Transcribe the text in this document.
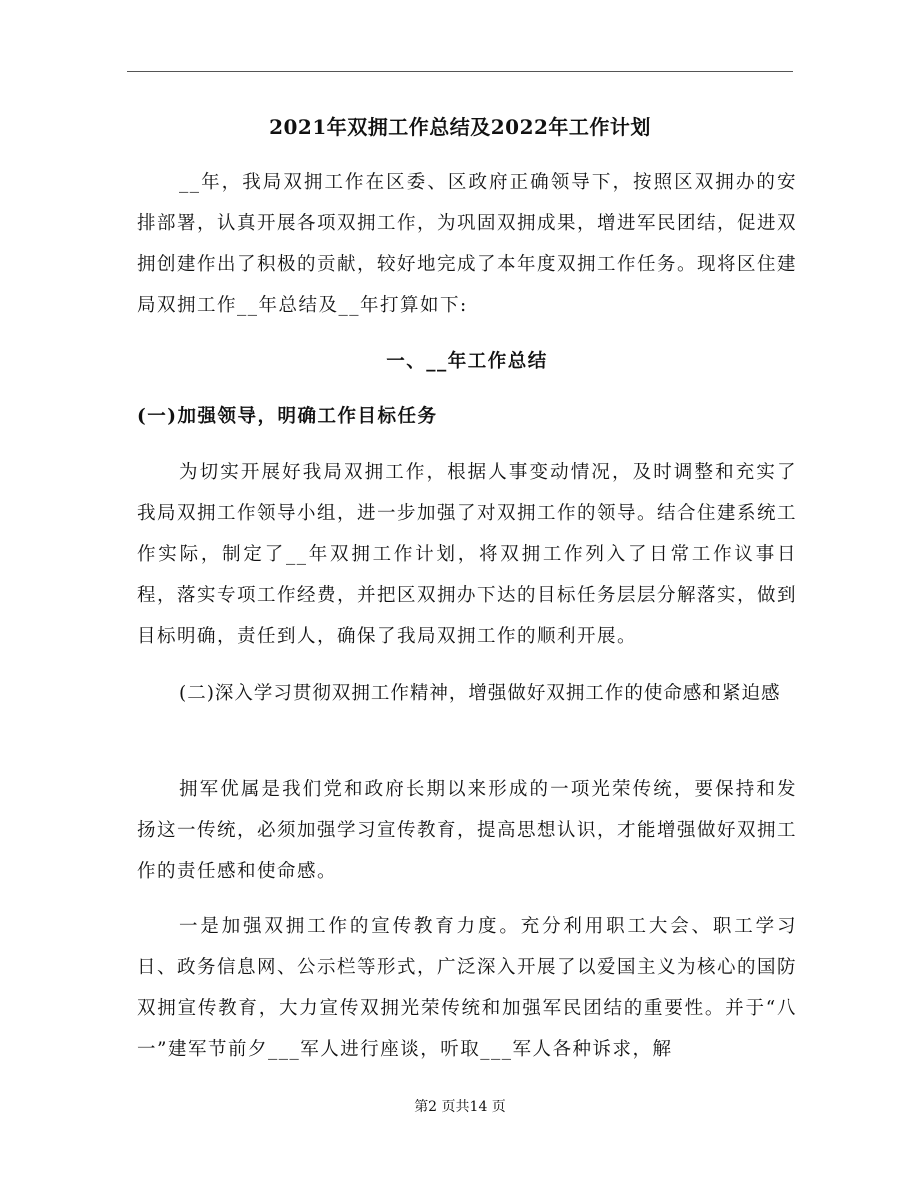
2021年双拥工作总结及2022年工作计划
__年，我局双拥工作在区委、区政府正确领导下，按照区双拥办的安排部署，认真开展各项双拥工作，为巩固双拥成果，增进军民团结，促进双拥创建作出了积极的贡献，较好地完成了本年度双拥工作任务。现将区住建局双拥工作__年总结及__年打算如下:
一、__年工作总结
(一)加强领导，明确工作目标任务
为切实开展好我局双拥工作，根据人事变动情况，及时调整和充实了我局双拥工作领导小组，进一步加强了对双拥工作的领导。结合住建系统工作实际，制定了__年双拥工作计划，将双拥工作列入了日常工作议事日程，落实专项工作经费，并把区双拥办下达的目标任务层层分解落实，做到目标明确，责任到人，确保了我局双拥工作的顺利开展。
(二)深入学习贯彻双拥工作精神，增强做好双拥工作的使命感和紧迫感
拥军优属是我们党和政府长期以来形成的一项光荣传统，要保持和发扬这一传统，必须加强学习宣传教育，提高思想认识，才能增强做好双拥工作的责任感和使命感。
一是加强双拥工作的宣传教育力度。充分利用职工大会、职工学习日、政务信息网、公示栏等形式，广泛深入开展了以爱国主义为核心的国防双拥宣传教育，大力宣传双拥光荣传统和加强军民团结的重要性。并于“八一”建军节前夕___军人进行座谈，听取___军人各种诉求，解
第2 页共14 页
